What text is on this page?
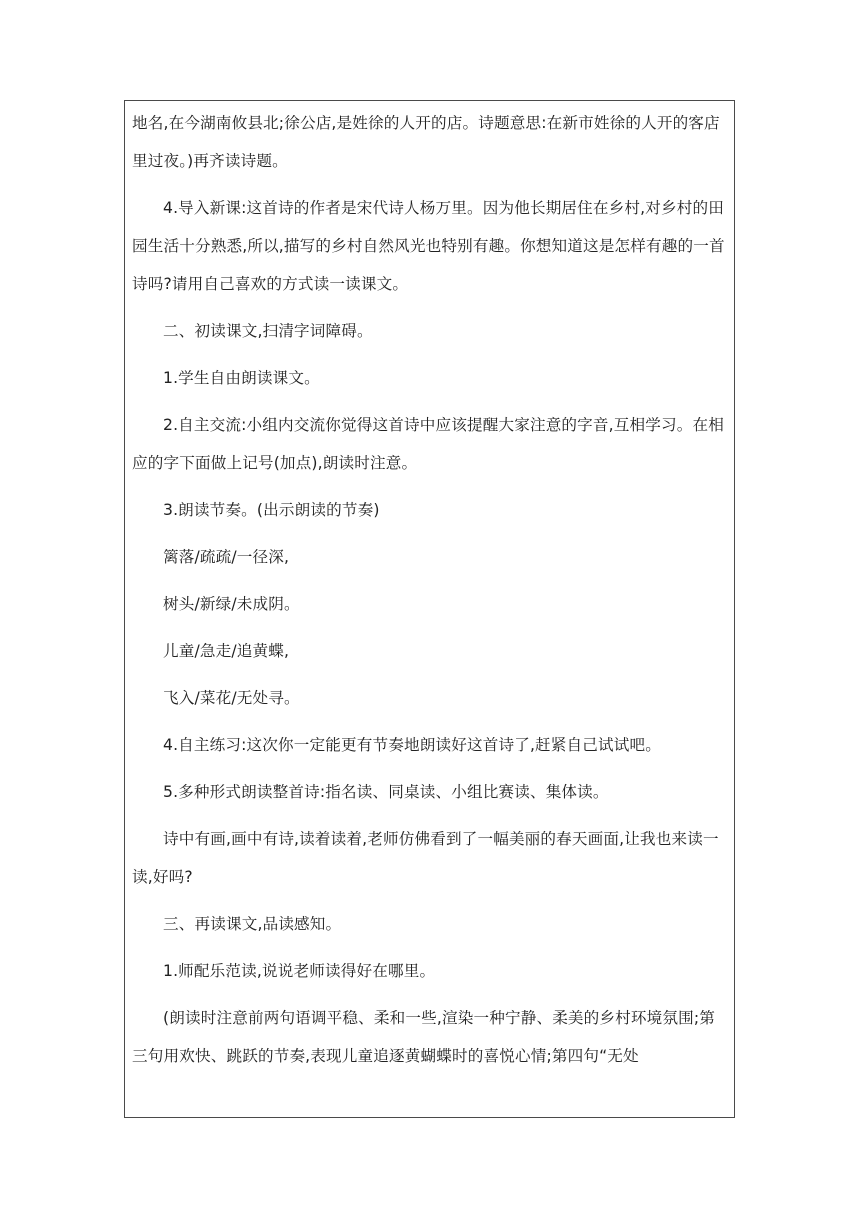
地名,在今湖南攸县北;徐公店,是姓徐的人开的店。诗题意思:在新市姓徐的人开的客店里过夜。)再齐读诗题。

4.导入新课:这首诗的作者是宋代诗人杨万里。因为他长期居住在乡村,对乡村的田园生活十分熟悉,所以,描写的乡村自然风光也特别有趣。你想知道这是怎样有趣的一首诗吗?请用自己喜欢的方式读一读课文。

二、初读课文,扫清字词障碍。

1.学生自由朗读课文。

2.自主交流:小组内交流你觉得这首诗中应该提醒大家注意的字音,互相学习。在相应的字下面做上记号(加点),朗读时注意。

3.朗读节奏。(出示朗读的节奏)

篱落/疏疏/一径深,

树头/新绿/未成阴。

儿童/急走/追黄蝶,

飞入/菜花/无处寻。

4.自主练习:这次你一定能更有节奏地朗读好这首诗了,赶紧自己试试吧。

5.多种形式朗读整首诗:指名读、同桌读、小组比赛读、集体读。

诗中有画,画中有诗,读着读着,老师仿佛看到了一幅美丽的春天画面,让我也来读一读,好吗?

三、再读课文,品读感知。

1.师配乐范读,说说老师读得好在哪里。

(朗读时注意前两句语调平稳、柔和一些,渲染一种宁静、柔美的乡村环境氛围;第三句用欢快、跳跃的节奏,表现儿童追逐黄蝴蝶时的喜悦心情;第四句“无处
